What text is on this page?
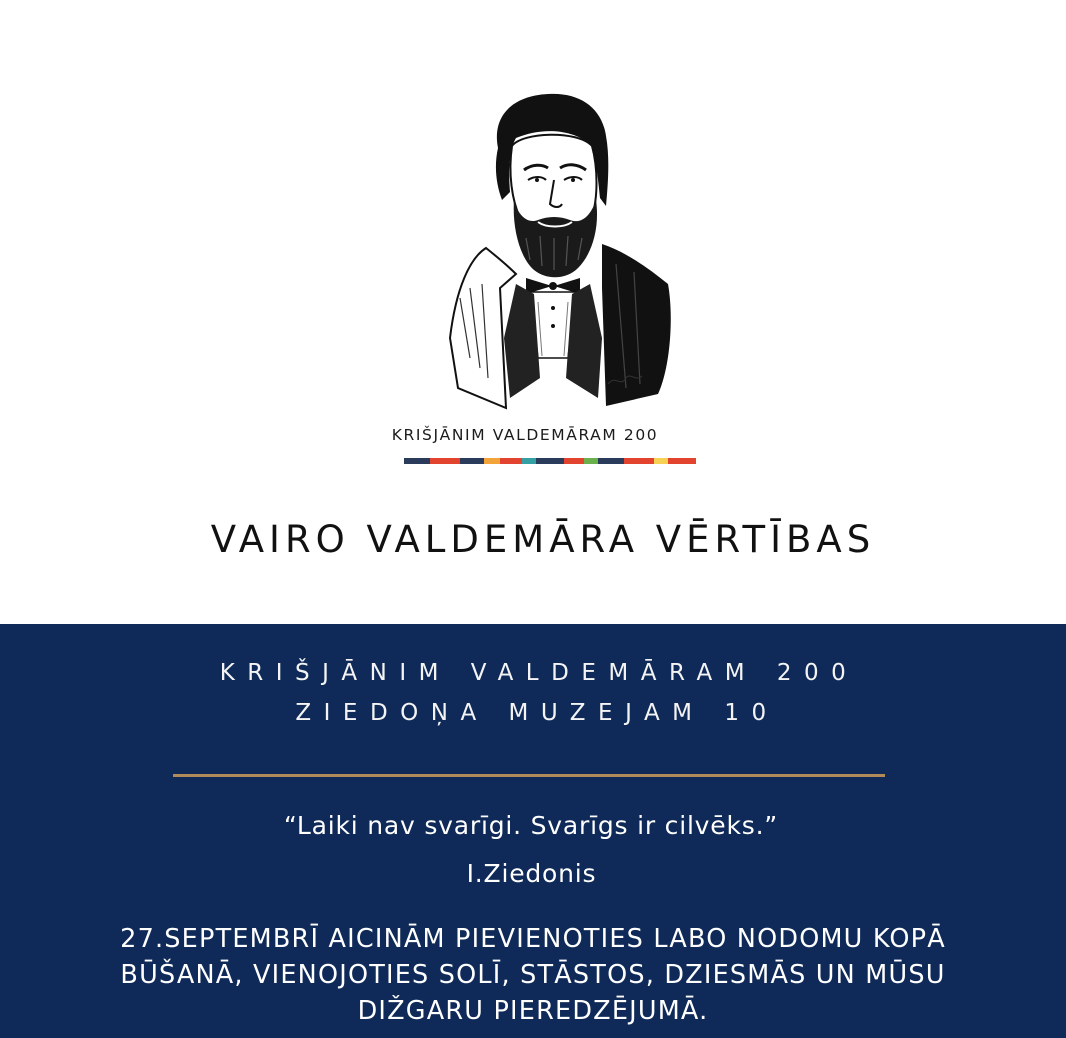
KRIŠJĀNIM VALDEMĀRAM 200
VAIRO VALDEMĀRA VĒRTĪBAS
KRIŠJĀNIM VALDEMĀRAM 200
ZIEDOŅA MUZEJAM 10
“Laiki nav svarīgi. Svarīgs ir cilvēks.”
I.Ziedonis
27.SEPTEMBRĪ AICINĀM PIEVIENOTIES LABO NODOMU KOPĀ
BŪŠANĀ, VIENOJOTIES SOLĪ, STĀSTOS, DZIESMĀS UN MŪSU
DIŽGARU PIEREDZĒJUMĀ.
